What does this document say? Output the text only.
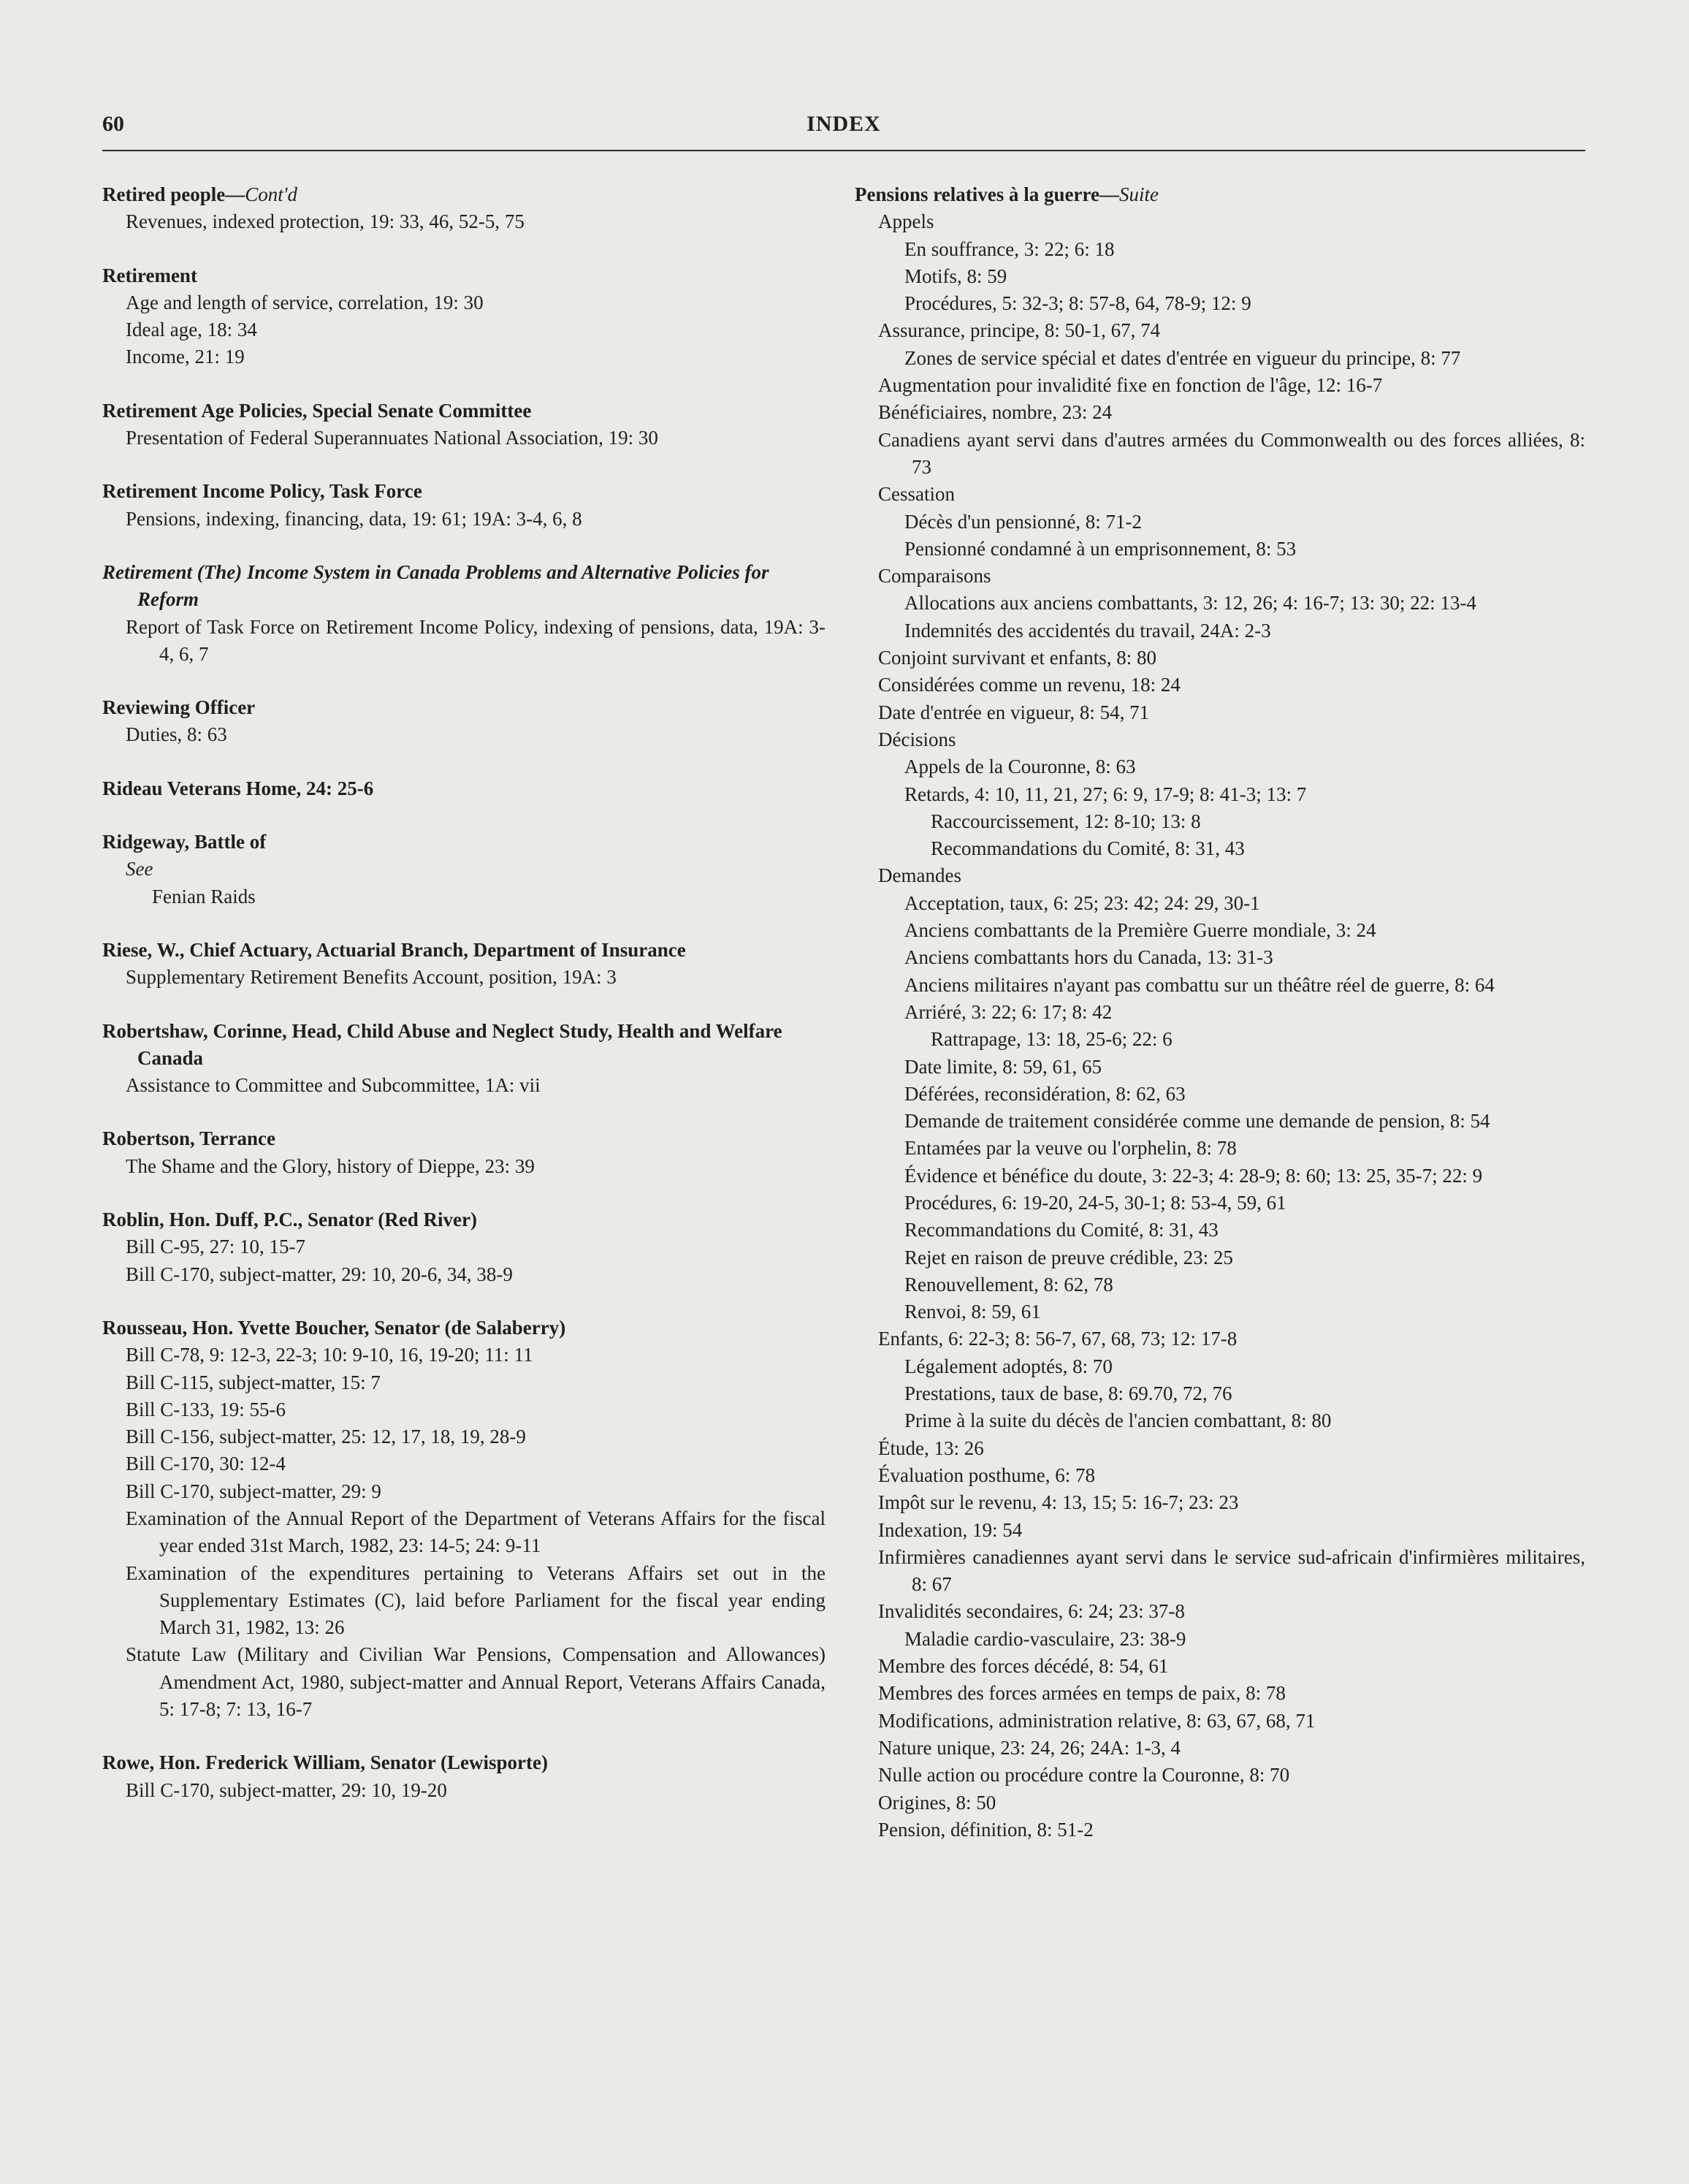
60	INDEX
Retired people—Cont'd
Revenues, indexed protection, 19: 33, 46, 52-5, 75
Retirement
Age and length of service, correlation, 19: 30
Ideal age, 18: 34
Income, 21: 19
Retirement Age Policies, Special Senate Committee
Presentation of Federal Superannuates National Association, 19: 30
Retirement Income Policy, Task Force
Pensions, indexing, financing, data, 19: 61; 19A: 3-4, 6, 8
Retirement (The) Income System in Canada Problems and Alternative Policies for Reform
Report of Task Force on Retirement Income Policy, indexing of pensions, data, 19A: 3-4, 6, 7
Reviewing Officer
Duties, 8: 63
Rideau Veterans Home, 24: 25-6
Ridgeway, Battle of
See
Fenian Raids
Riese, W., Chief Actuary, Actuarial Branch, Department of Insurance
Supplementary Retirement Benefits Account, position, 19A: 3
Robertshaw, Corinne, Head, Child Abuse and Neglect Study, Health and Welfare Canada
Assistance to Committee and Subcommittee, 1A: vii
Robertson, Terrance
The Shame and the Glory, history of Dieppe, 23: 39
Roblin, Hon. Duff, P.C., Senator (Red River)
Bill C-95, 27: 10, 15-7
Bill C-170, subject-matter, 29: 10, 20-6, 34, 38-9
Rousseau, Hon. Yvette Boucher, Senator (de Salaberry)
Bill C-78, 9: 12-3, 22-3; 10: 9-10, 16, 19-20; 11: 11
Bill C-115, subject-matter, 15: 7
Bill C-133, 19: 55-6
Bill C-156, subject-matter, 25: 12, 17, 18, 19, 28-9
Bill C-170, 30: 12-4
Bill C-170, subject-matter, 29: 9
Examination of the Annual Report of the Department of Veterans Affairs for the fiscal year ended 31st March, 1982, 23: 14-5; 24: 9-11
Examination of the expenditures pertaining to Veterans Affairs set out in the Supplementary Estimates (C), laid before Parliament for the fiscal year ending March 31, 1982, 13: 26
Statute Law (Military and Civilian War Pensions, Compensation and Allowances) Amendment Act, 1980, subject-matter and Annual Report, Veterans Affairs Canada, 5: 17-8; 7: 13, 16-7
Rowe, Hon. Frederick William, Senator (Lewisporte)
Bill C-170, subject-matter, 29: 10, 19-20
Pensions relatives à la guerre—Suite
Appels
En souffrance, 3: 22; 6: 18
Motifs, 8: 59
Procédures, 5: 32-3; 8: 57-8, 64, 78-9; 12: 9
Assurance, principe, 8: 50-1, 67, 74
Zones de service spécial et dates d'entrée en vigueur du principe, 8: 77
Augmentation pour invalidité fixe en fonction de l'âge, 12: 16-7
Bénéficiaires, nombre, 23: 24
Canadiens ayant servi dans d'autres armées du Commonwealth ou des forces alliées, 8: 73
Cessation
Décès d'un pensionné, 8: 71-2
Pensionné condamné à un emprisonnement, 8: 53
Comparaisons
Allocations aux anciens combattants, 3: 12, 26; 4: 16-7; 13: 30; 22: 13-4
Indemnités des accidentés du travail, 24A: 2-3
Conjoint survivant et enfants, 8: 80
Considérées comme un revenu, 18: 24
Date d'entrée en vigueur, 8: 54, 71
Décisions
Appels de la Couronne, 8: 63
Retards, 4: 10, 11, 21, 27; 6: 9, 17-9; 8: 41-3; 13: 7
Raccourcissement, 12: 8-10; 13: 8
Recommandations du Comité, 8: 31, 43
Demandes
Acceptation, taux, 6: 25; 23: 42; 24: 29, 30-1
Anciens combattants de la Première Guerre mondiale, 3: 24
Anciens combattants hors du Canada, 13: 31-3
Anciens militaires n'ayant pas combattu sur un théâtre réel de guerre, 8: 64
Arriéré, 3: 22; 6: 17; 8: 42
Rattrapage, 13: 18, 25-6; 22: 6
Date limite, 8: 59, 61, 65
Déférées, reconsidération, 8: 62, 63
Demande de traitement considérée comme une demande de pension, 8: 54
Entamées par la veuve ou l'orphelin, 8: 78
Évidence et bénéfice du doute, 3: 22-3; 4: 28-9; 8: 60; 13: 25, 35-7; 22: 9
Procédures, 6: 19-20, 24-5, 30-1; 8: 53-4, 59, 61
Recommandations du Comité, 8: 31, 43
Rejet en raison de preuve crédible, 23: 25
Renouvellement, 8: 62, 78
Renvoi, 8: 59, 61
Enfants, 6: 22-3; 8: 56-7, 67, 68, 73; 12: 17-8
Légalement adoptés, 8: 70
Prestations, taux de base, 8: 69.70, 72, 76
Prime à la suite du décès de l'ancien combattant, 8: 80
Étude, 13: 26
Évaluation posthume, 6: 78
Impôt sur le revenu, 4: 13, 15; 5: 16-7; 23: 23
Indexation, 19: 54
Infirmières canadiennes ayant servi dans le service sud-africain d'infirmières militaires, 8: 67
Invalidités secondaires, 6: 24; 23: 37-8
Maladie cardio-vasculaire, 23: 38-9
Membre des forces décédé, 8: 54, 61
Membres des forces armées en temps de paix, 8: 78
Modifications, administration relative, 8: 63, 67, 68, 71
Nature unique, 23: 24, 26; 24A: 1-3, 4
Nulle action ou procédure contre la Couronne, 8: 70
Origines, 8: 50
Pension, définition, 8: 51-2
